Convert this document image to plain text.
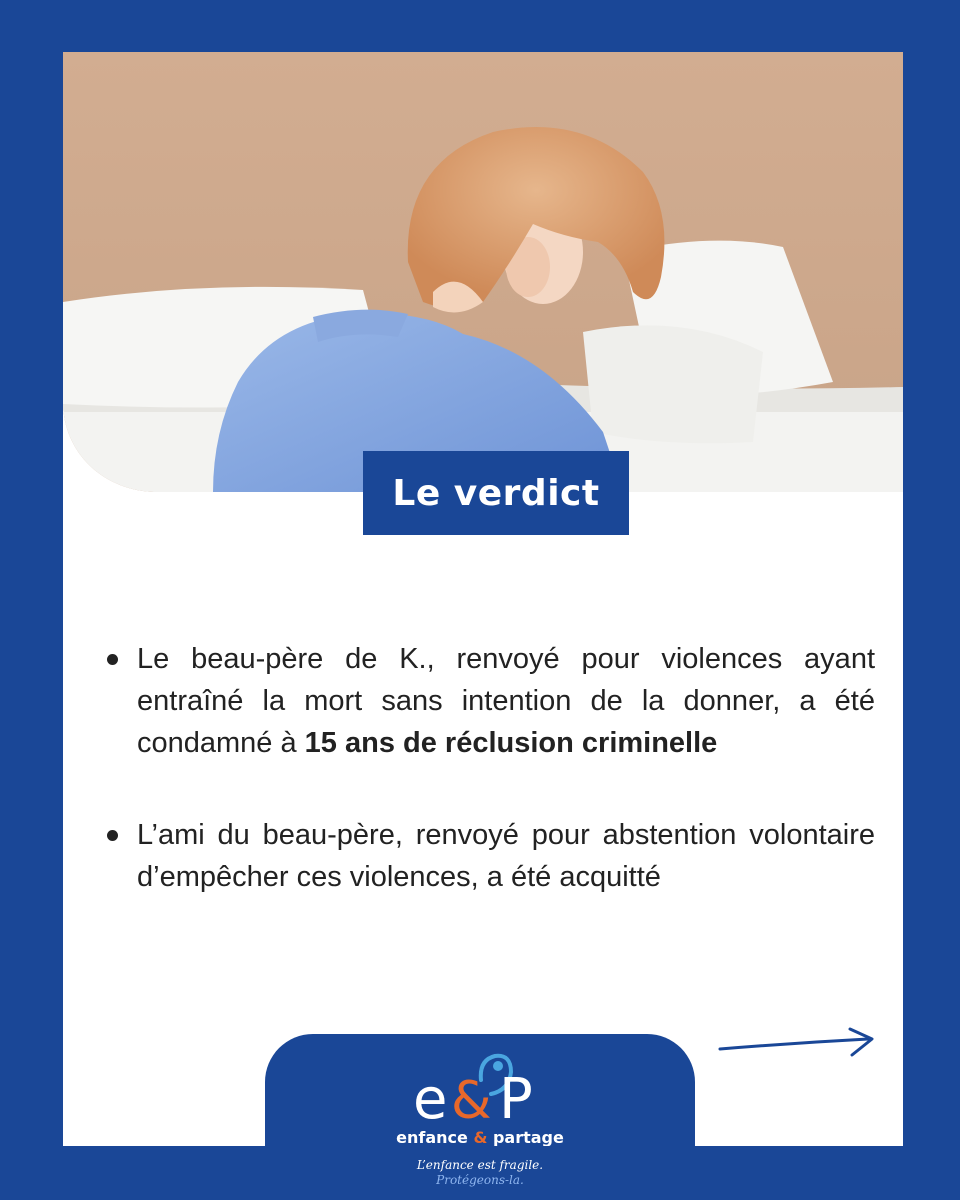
Le verdict
Le beau-père de K., renvoyé pour violences ayant entraîné la mort sans intention de la donner, a été condamné à 15 ans de réclusion criminelle
L’ami du beau-père, renvoyé pour abstention volontaire d’empêcher ces violences, a été acquitté
e & P
enfance & partage
L’enfance est fragile.
Protégeons-la.
